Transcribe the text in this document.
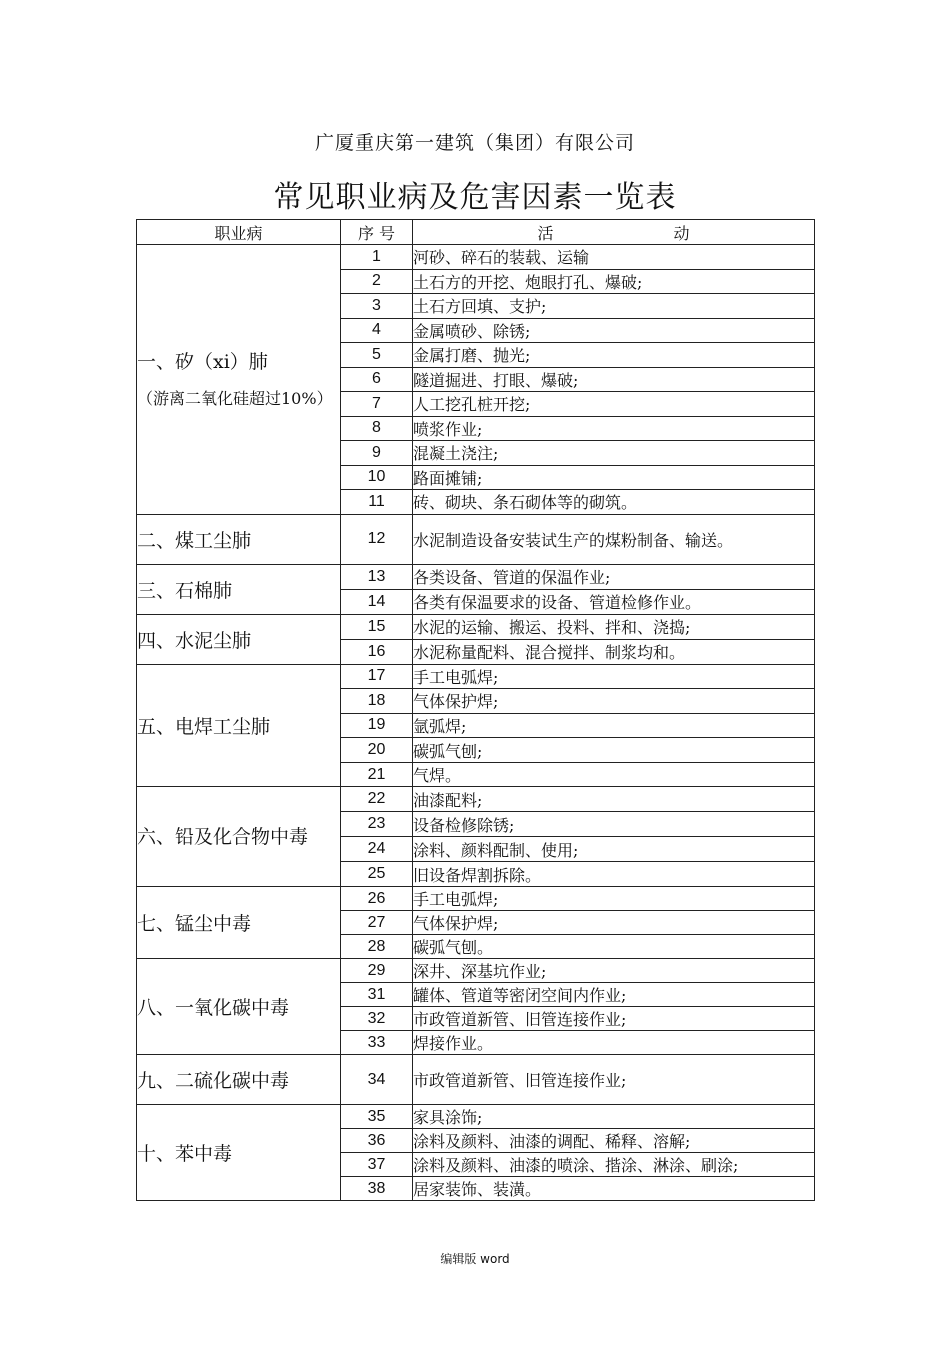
广厦重庆第一建筑（集团）有限公司
常见职业病及危害因素一览表
职业病	序 号	活 动
一、矽（xi）肺
（游离二氧化硅超过10%）	1	河砂、碎石的装载、运输
	2	土石方的开挖、炮眼打孔、爆破;
	3	土石方回填、支护;
	4	金属喷砂、除锈;
	5	金属打磨、抛光;
	6	隧道掘进、打眼、爆破;
	7	人工挖孔桩开挖;
	8	喷浆作业;
	9	混凝土浇注;
	10	路面摊铺;
	11	砖、砌块、条石砌体等的砌筑。
二、煤工尘肺	12	水泥制造设备安装试生产的煤粉制备、输送。
三、石棉肺	13	各类设备、管道的保温作业;
	14	各类有保温要求的设备、管道检修作业。
四、水泥尘肺	15	水泥的运输、搬运、投料、拌和、浇捣;
	16	水泥称量配料、混合搅拌、制浆均和。
五、电焊工尘肺	17	手工电弧焊;
	18	气体保护焊;
	19	氩弧焊;
	20	碳弧气刨;
	21	气焊。
六、铅及化合物中毒	22	油漆配料;
	23	设备检修除锈;
	24	涂料、颜料配制、使用;
	25	旧设备焊割拆除。
七、锰尘中毒	26	手工电弧焊;
	27	气体保护焊;
	28	碳弧气刨。
八、一氧化碳中毒	29	深井、深基坑作业;
	31	罐体、管道等密闭空间内作业;
	32	市政管道新管、旧管连接作业;
	33	焊接作业。
九、二硫化碳中毒	34	市政管道新管、旧管连接作业;
十、苯中毒	35	家具涂饰;
	36	涂料及颜料、油漆的调配、稀释、溶解;
	37	涂料及颜料、油漆的喷涂、揩涂、淋涂、刷涂;
	38	居家装饰、装潢。
编辑版 word
